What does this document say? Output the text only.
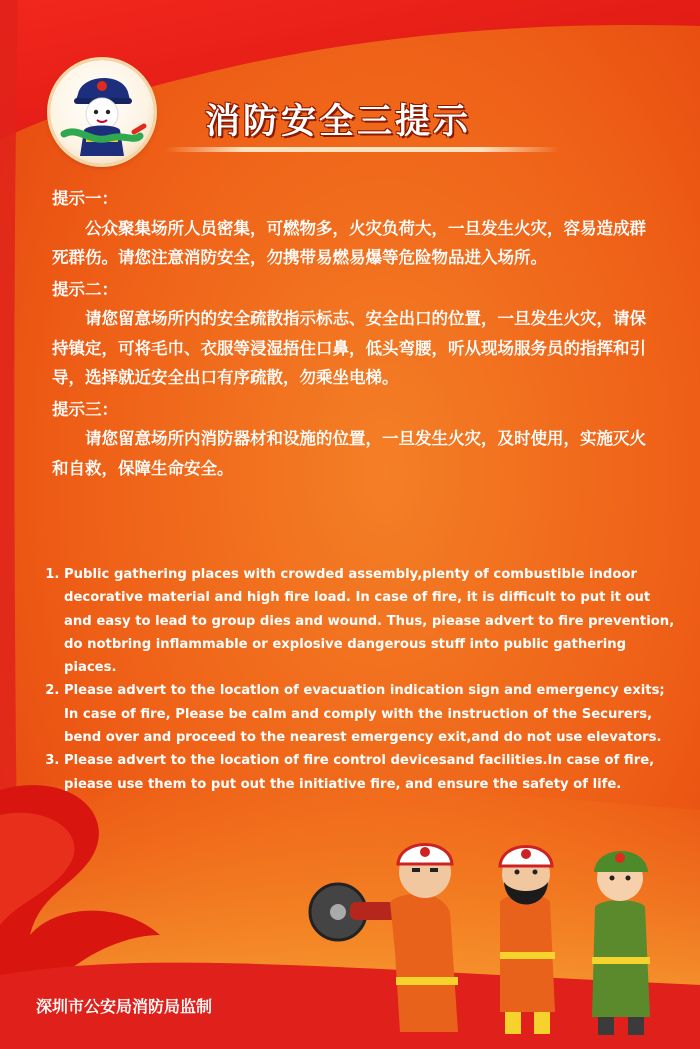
消防安全三提示

提示一：

公众聚集场所人员密集，可燃物多，火灾负荷大，一旦发生火灾，容易造成群死群伤。请您注意消防安全，勿携带易燃易爆等危险物品进入场所。

提示二：

请您留意场所内的安全疏散指示标志、安全出口的位置，一旦发生火灾，请保持镇定，可将毛巾、衣服等浸湿捂住口鼻，低头弯腰，听从现场服务员的指挥和引导，选择就近安全出口有序疏散，勿乘坐电梯。

提示三：

请您留意场所内消防器材和设施的位置，一旦发生火灾，及时使用，实施灭火和自救，保障生命安全。

1. Public gathering places with crowded assembly,plenty of combustible indoor decorative material and high fire load. In case of fire, it is difficult to put it out and easy to lead to group dies and wound. Thus, piease advert to fire prevention, do notbring inflammable or explosive dangerous stuff into public gathering piaces.
2. Please advert to the locatlon of evacuation indication sign and emergency exits; In case of fire, Please be calm and comply with the instruction of the Securers, bend over and proceed to the nearest emergency exit,and do not use elevators.
3. Please advert to the location of fire control devicesand facilities.In case of fire, piease use them to put out the initiative fire, and ensure the safety of life.

深圳市公安局消防局监制
